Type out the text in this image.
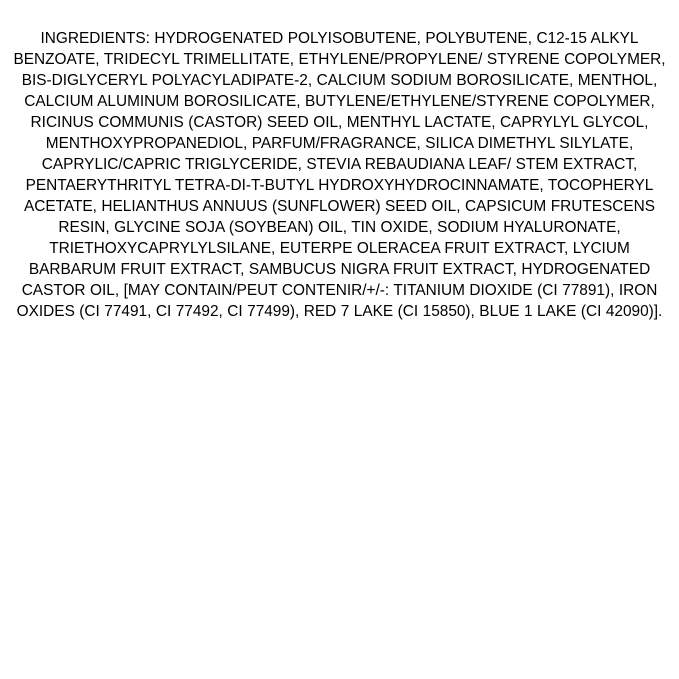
INGREDIENTS: HYDROGENATED POLYISOBUTENE, POLYBUTENE, C12-15 ALKYL BENZOATE, TRIDECYL TRIMELLITATE, ETHYLENE/PROPYLENE/ STYRENE COPOLYMER, BIS-DIGLYCERYL POLYACYLADIPATE-2, CALCIUM SODIUM BOROSILICATE, MENTHOL, CALCIUM ALUMINUM BOROSILICATE, BUTYLENE/ETHYLENE/STYRENE COPOLYMER, RICINUS COMMUNIS (CASTOR) SEED OIL, MENTHYL LACTATE, CAPRYLYL GLYCOL, MENTHOXYPROPANEDIOL, PARFUM/FRAGRANCE, SILICA DIMETHYL SILYLATE, CAPRYLIC/CAPRIC TRIGLYCERIDE, STEVIA REBAUDIANA LEAF/ STEM EXTRACT, PENTAERYTHRITYL TETRA-DI-T-BUTYL HYDROXYHYDROCINNAMATE, TOCOPHERYL ACETATE, HELIANTHUS ANNUUS (SUNFLOWER) SEED OIL, CAPSICUM FRUTESCENS RESIN, GLYCINE SOJA (SOYBEAN) OIL, TIN OXIDE, SODIUM HYALURONATE, TRIETHOXYCAPRYLYLSILANE, EUTERPE OLERACEA FRUIT EXTRACT, LYCIUM BARBARUM FRUIT EXTRACT, SAMBUCUS NIGRA FRUIT EXTRACT, HYDROGENATED CASTOR OIL, [MAY CONTAIN/PEUT CONTENIR/+/-: TITANIUM DIOXIDE (CI 77891), IRON OXIDES (CI 77491, CI 77492, CI 77499), RED 7 LAKE (CI 15850), BLUE 1 LAKE (CI 42090)].
